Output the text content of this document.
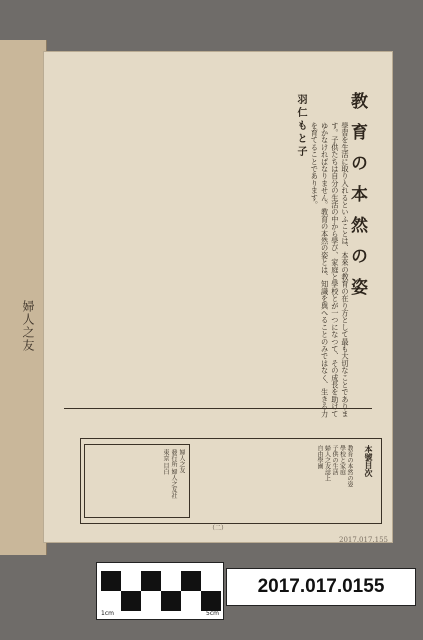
婦人之友
教育の本然の姿
羽仁もと子	學習を生活に取り入れるといふことは、本來の教育の在り方として最も大切なことであります。子供たちは自分の生活の中から學び、家庭と學校とが一つになつて、その成長を助けてゆかなければなりません。教育の本然の姿とは、知識を與へることのみではなく、生きる力を育てることであります。
本號目次
教育の本然の姿
學校と家庭
子供の生活
婦人之友誌上
自由學園
婦人之友
發行所 婦人之友社
東京 目白
（二）
2017.017.155
1cm	5cm
2017.017.0155
